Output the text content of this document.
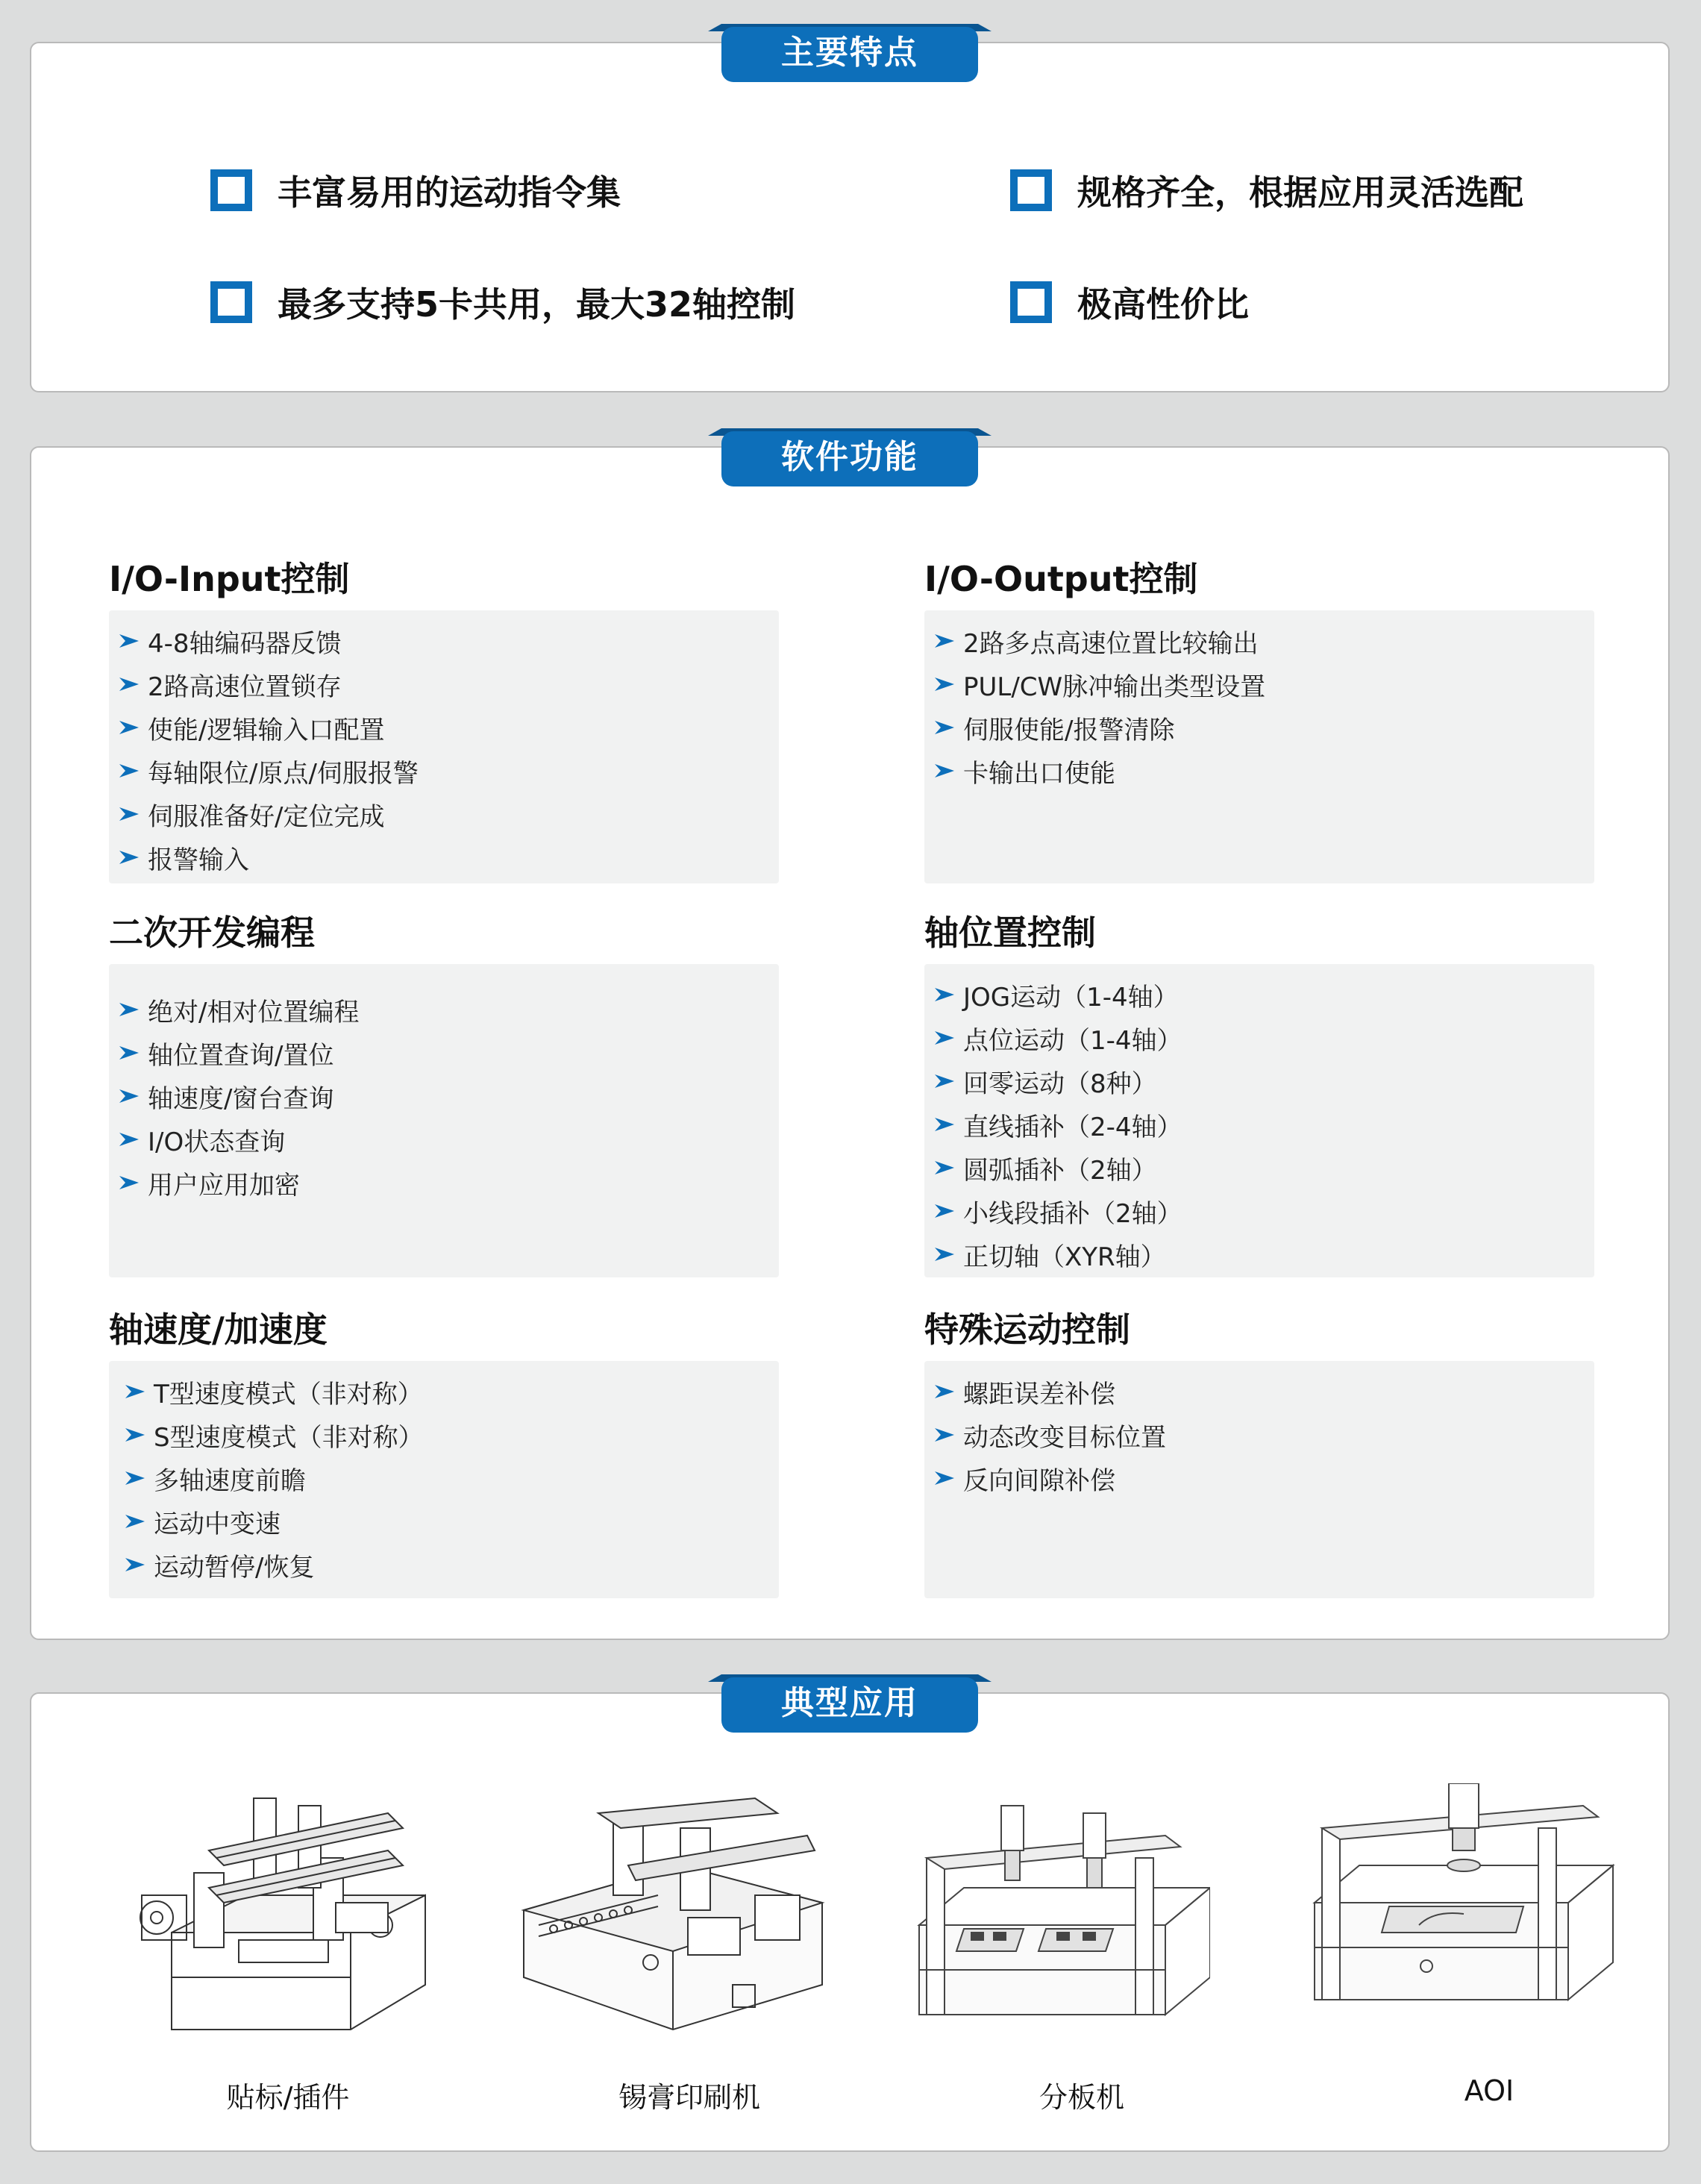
主要特点
丰富易用的运动指令集	规格齐全，根据应用灵活选配
最多支持5卡共用，最大32轴控制	极高性价比
软件功能
I/O-Input控制
4-8轴编码器反馈
2路高速位置锁存
使能/逻辑输入口配置
每轴限位/原点/伺服报警
伺服准备好/定位完成
报警输入
I/O-Output控制
2路多点高速位置比较输出
PUL/CW脉冲输出类型设置
伺服使能/报警清除
卡输出口使能
二次开发编程
绝对/相对位置编程
轴位置查询/置位
轴速度/窗台查询
I/O状态查询
用户应用加密
轴位置控制
JOG运动（1-4轴）
点位运动（1-4轴）
回零运动（8种）
直线插补（2-4轴）
圆弧插补（2轴）
小线段插补（2轴）
正切轴（XYR轴）
轴速度/加速度
T型速度模式（非对称）
S型速度模式（非对称）
多轴速度前瞻
运动中变速
运动暂停/恢复
特殊运动控制
螺距误差补偿
动态改变目标位置
反向间隙补偿
典型应用
贴标/插件	锡膏印刷机	分板机	AOI
